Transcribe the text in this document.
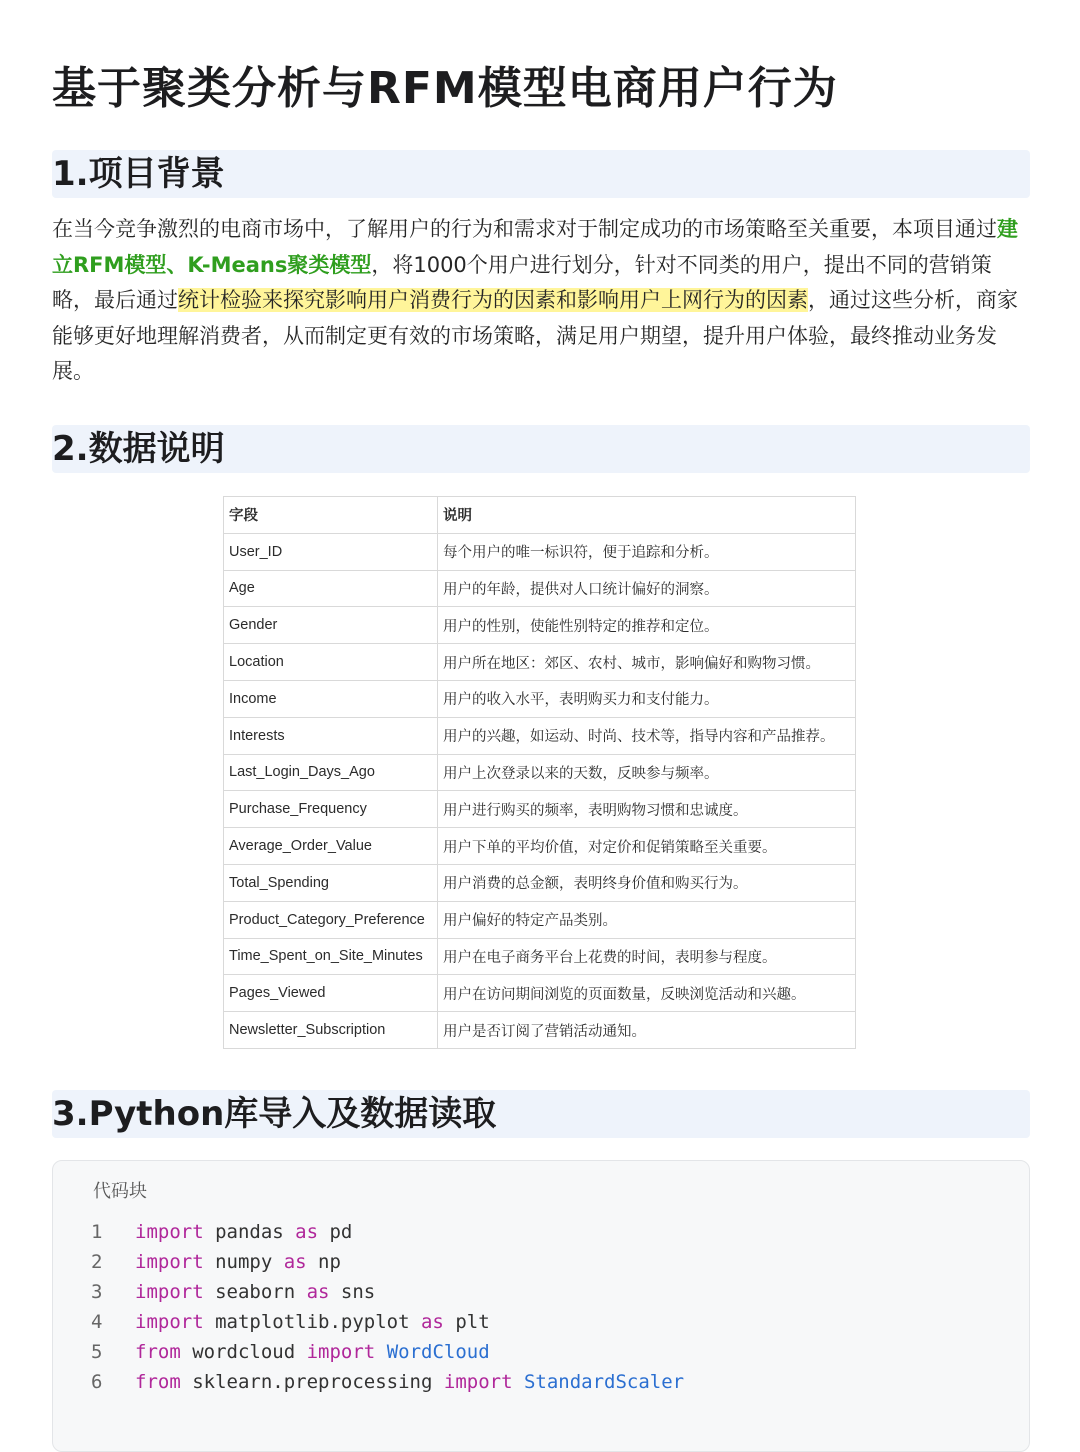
基于聚类分析与RFM模型电商用户行为
1.项目背景

在当今竞争激烈的电商市场中，了解用户的行为和需求对于制定成功的市场策略至关重要，本项目通过建立RFM模型、K-Means聚类模型，将1000个用户进行划分，针对不同类的用户，提出不同的营销策略，最后通过统计检验来探究影响用户消费行为的因素和影响用户上网行为的因素，通过这些分析，商家能够更好地理解消费者，从而制定更有效的市场策略，满足用户期望，提升用户体验，最终推动业务发展。

2.数据说明
字段	说明
User_ID	每个用户的唯一标识符，便于追踪和分析。
Age	用户的年龄，提供对人口统计偏好的洞察。
Gender	用户的性别，使能性别特定的推荐和定位。
Location	用户所在地区：郊区、农村、城市，影响偏好和购物习惯。
Income	用户的收入水平，表明购买力和支付能力。
Interests	用户的兴趣，如运动、时尚、技术等，指导内容和产品推荐。
Last_Login_Days_Ago	用户上次登录以来的天数，反映参与频率。
Purchase_Frequency	用户进行购买的频率，表明购物习惯和忠诚度。
Average_Order_Value	用户下单的平均价值，对定价和促销策略至关重要。
Total_Spending	用户消费的总金额，表明终身价值和购买行为。
Product_Category_Preference	用户偏好的特定产品类别。
Time_Spent_on_Site_Minutes	用户在电子商务平台上花费的时间，表明参与程度。
Pages_Viewed	用户在访问期间浏览的页面数量，反映浏览活动和兴趣。
Newsletter_Subscription	用户是否订阅了营销活动通知。
3.Python库导入及数据读取
代码块
1	import pandas as pd
2	import numpy as np
3	import seaborn as sns
4	import matplotlib.pyplot as plt
5	from wordcloud import WordCloud
6	from sklearn.preprocessing import StandardScaler
